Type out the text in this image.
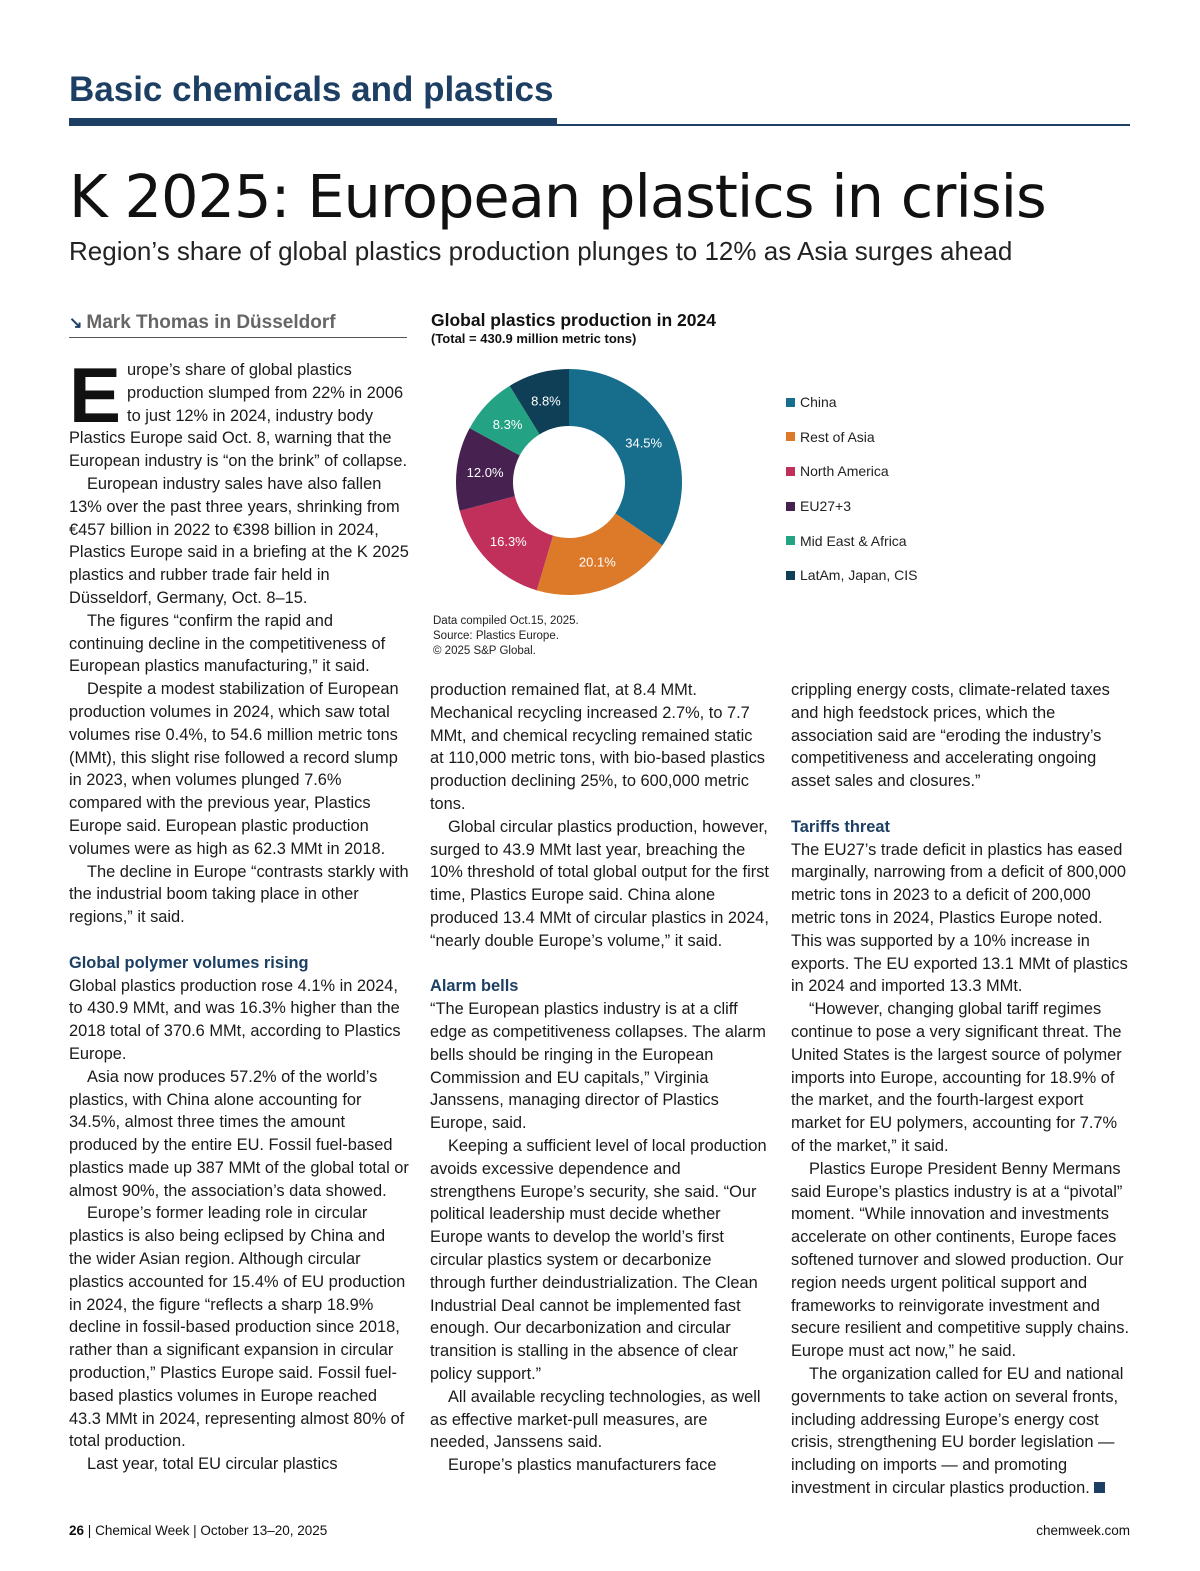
Basic chemicals and plastics
K 2025: European plastics in crisis
Region’s share of global plastics production plunges to 12% as Asia surges ahead
↘ Mark Thomas in Düsseldorf	Global plastics production in 2024
(Total = 430.9 million metric tons)
34.5%
20.1%
16.3%
12.0%
8.3%
8.8%	China
Rest of Asia
North America
EU27+3
Mid East & Africa
LatAm, Japan, CIS
Data compiled Oct.15, 2025.
Source: Plastics Europe.
© 2025 S&P Global.

Europe’s share of global plastics production slumped from 22% in 2006 to just 12% in 2024, industry body Plastics Europe said Oct. 8, warning that the European industry is “on the brink” of collapse.

European industry sales have also fallen 13% over the past three years, shrinking from €457 billion in 2022 to €398 billion in 2024, Plastics Europe said in a briefing at the K 2025 plastics and rubber trade fair held in Düsseldorf, Germany, Oct. 8–15.

The figures “confirm the rapid and continuing decline in the competitiveness of European plastics manufacturing,” it said.

Despite a modest stabilization of European production volumes in 2024, which saw total volumes rise 0.4%, to 54.6 million metric tons (MMt), this slight rise followed a record slump in 2023, when volumes plunged 7.6% compared with the previous year, Plastics Europe said. European plastic production volumes were as high as 62.3 MMt in 2018.

The decline in Europe “contrasts starkly with the industrial boom taking place in other regions,” it said.

Global polymer volumes rising

Global plastics production rose 4.1% in 2024, to 430.9 MMt, and was 16.3% higher than the 2018 total of 370.6 MMt, according to Plastics Europe.

Asia now produces 57.2% of the world’s plastics, with China alone accounting for 34.5%, almost three times the amount produced by the entire EU. Fossil fuel-based plastics made up 387 MMt of the global total or almost 90%, the association’s data showed.

Europe’s former leading role in circular plastics is also being eclipsed by China and the wider Asian region. Although circular plastics accounted for 15.4% of EU production in 2024, the figure “reflects a sharp 18.9% decline in fossil-based production since 2018, rather than a significant expansion in circular production,” Plastics Europe said. Fossil fuel-based plastics volumes in Europe reached 43.3 MMt in 2024, representing almost 80% of total production.

Last year, total EU circular plastics

production remained flat, at 8.4 MMt. Mechanical recycling increased 2.7%, to 7.7 MMt, and chemical recycling remained static at 110,000 metric tons, with bio-based plastics production declining 25%, to 600,000 metric tons.

Global circular plastics production, however, surged to 43.9 MMt last year, breaching the 10% threshold of total global output for the first time, Plastics Europe said. China alone produced 13.4 MMt of circular plastics in 2024, “nearly double Europe’s volume,” it said.

Alarm bells

“The European plastics industry is at a cliff edge as competitiveness collapses. The alarm bells should be ringing in the European Commission and EU capitals,” Virginia Janssens, managing director of Plastics Europe, said.

Keeping a sufficient level of local production avoids excessive dependence and strengthens Europe’s security, she said. “Our political leadership must decide whether Europe wants to develop the world’s first circular plastics system or decarbonize through further deindustrialization. The Clean Industrial Deal cannot be implemented fast enough. Our decarbonization and circular transition is stalling in the absence of clear policy support.”

All available recycling technologies, as well as effective market-pull measures, are needed, Janssens said.

Europe’s plastics manufacturers face

crippling energy costs, climate-related taxes and high feedstock prices, which the association said are “eroding the industry’s competitiveness and accelerating ongoing asset sales and closures.”

Tariffs threat

The EU27’s trade deficit in plastics has eased marginally, narrowing from a deficit of 800,000 metric tons in 2023 to a deficit of 200,000 metric tons in 2024, Plastics Europe noted. This was supported by a 10% increase in exports. The EU exported 13.1 MMt of plastics in 2024 and imported 13.3 MMt.

“However, changing global tariff regimes continue to pose a very significant threat. The United States is the largest source of polymer imports into Europe, accounting for 18.9% of the market, and the fourth-largest export market for EU polymers, accounting for 7.7% of the market,” it said.

Plastics Europe President Benny Mermans said Europe’s plastics industry is at a “pivotal” moment. “While innovation and investments accelerate on other continents, Europe faces softened turnover and slowed production. Our region needs urgent political support and frameworks to reinvigorate investment and secure resilient and competitive supply chains. Europe must act now,” he said.

The organization called for EU and national governments to take action on several fronts, including addressing Europe’s energy cost crisis, strengthening EU border legislation — including on imports — and promoting investment in circular plastics production.

26 | Chemical Week | October 13–20, 2025	chemweek.com
